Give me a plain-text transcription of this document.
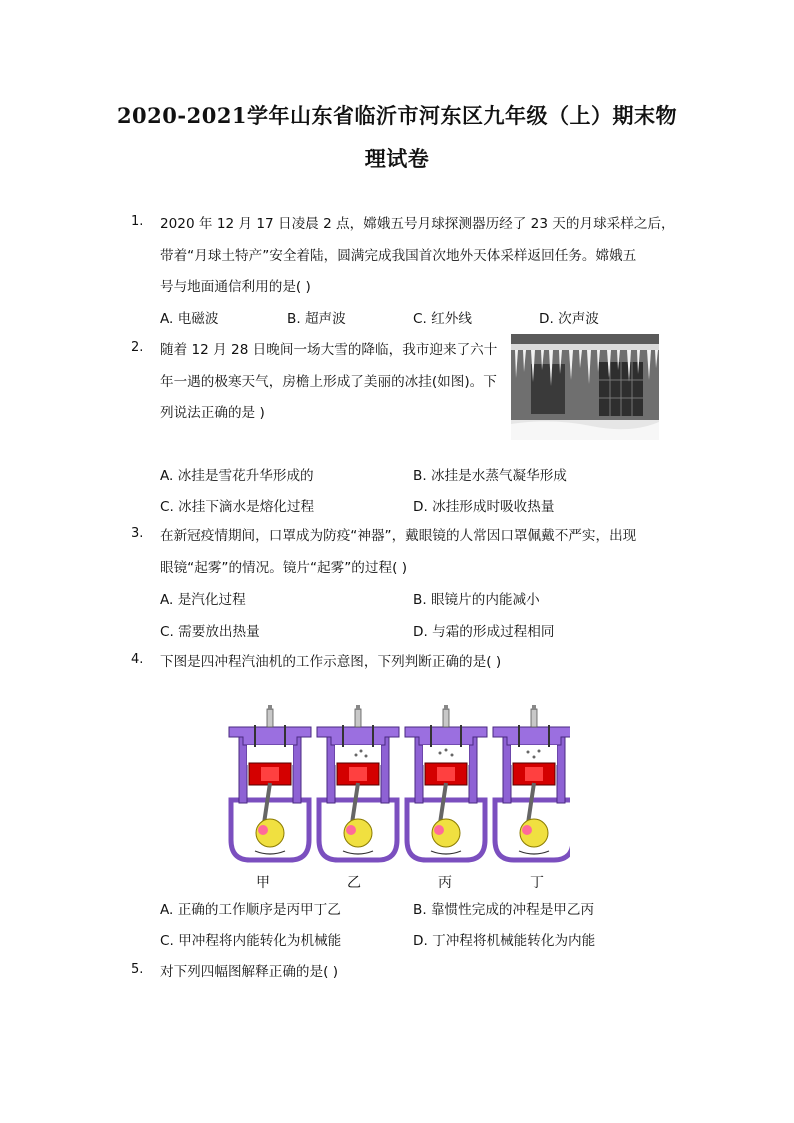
2020-2021学年山东省临沂市河东区九年级（上）期末物
理试卷
1. 2020 年 12 月 17 日凌晨 2 点，嫦娥五号月球探测器历经了 23 天的月球采样之后，
带着“月球土特产”安全着陆，圆满完成我国首次地外天体采样返回任务。嫦娥五
号与地面通信利用的是( )
A. 电磁波	B. 超声波	C. 红外线	D. 次声波
2. 随着 12 月 28 日晚间一场大雪的降临，我市迎来了六十
年一遇的极寒天气，房檐上形成了美丽的冰挂(如图)。下
列说法正确的是 )
A. 冰挂是雪花升华形成的	B. 冰挂是水蒸气凝华形成
C. 冰挂下滴水是熔化过程	D. 冰挂形成时吸收热量
3. 在新冠疫情期间，口罩成为防疫“神器”，戴眼镜的人常因口罩佩戴不严实，出现
眼镜“起雾”的情况。镜片“起雾”的过程( )
A. 是汽化过程	B. 眼镜片的内能减小
C. 需要放出热量	D. 与霜的形成过程相同
4. 下图是四冲程汽油机的工作示意图，下列判断正确的是( )
甲	乙	丙	丁
A. 正确的工作顺序是丙甲丁乙	B. 靠惯性完成的冲程是甲乙丙
C. 甲冲程将内能转化为机械能	D. 丁冲程将机械能转化为内能
5. 对下列四幅图解释正确的是( )
